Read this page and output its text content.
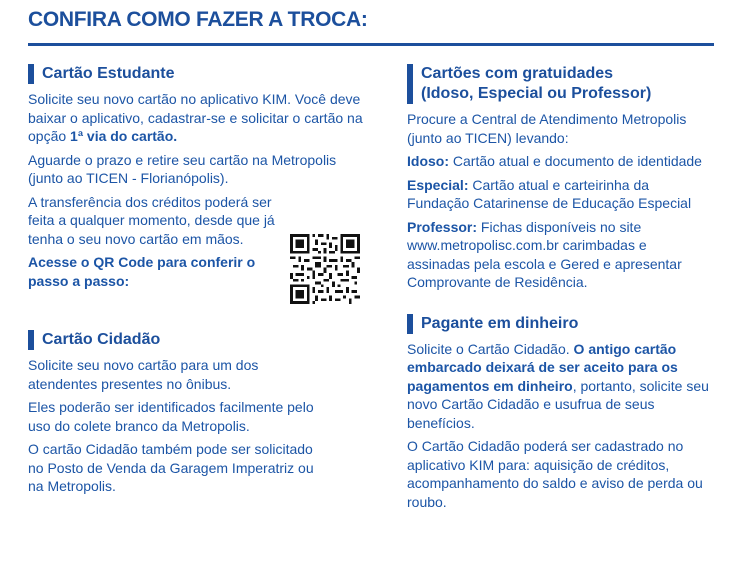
CONFIRA COMO FAZER A TROCA:
Cartão Estudante

Solicite seu novo cartão no aplicativo KIM. Você deve baixar o aplicativo, cadastrar-se e solicitar o cartão na opção 1ª via do cartão.

Aguarde o prazo e retire seu cartão na Metropolis (junto ao TICEN - Florianópolis).

A transferência dos créditos poderá ser feita a qualquer momento, desde que já tenha o seu novo cartão em mãos.

Acesse o QR Code para conferir o passo a passo:

Cartão Cidadão

Solicite seu novo cartão para um dos atendentes presentes no ônibus.

Eles poderão ser identificados facilmente pelo uso do colete branco da Metropolis.

O cartão Cidadão também pode ser solicitado no Posto de Venda da Garagem Imperatriz ou na Metropolis.

Cartões com gratuidades
(Idoso, Especial ou Professor)

Procure a Central de Atendimento Metropolis (junto ao TICEN) levando:

Idoso: Cartão atual e documento de identidade

Especial: Cartão atual e carteirinha da Fundação Catarinense de Educação Especial

Professor: Fichas disponíveis no site www.metropolisc.com.br carimbadas e assinadas pela escola e Gered e apresentar Comprovante de Residência.

Pagante em dinheiro

Solicite o Cartão Cidadão. O antigo cartão embarcado deixará de ser aceito para os pagamentos em dinheiro, portanto, solicite seu novo Cartão Cidadão e usufrua de seus benefícios.

O Cartão Cidadão poderá ser cadastrado no aplicativo KIM para: aquisição de créditos, acompanhamento do saldo e aviso de perda ou roubo.
